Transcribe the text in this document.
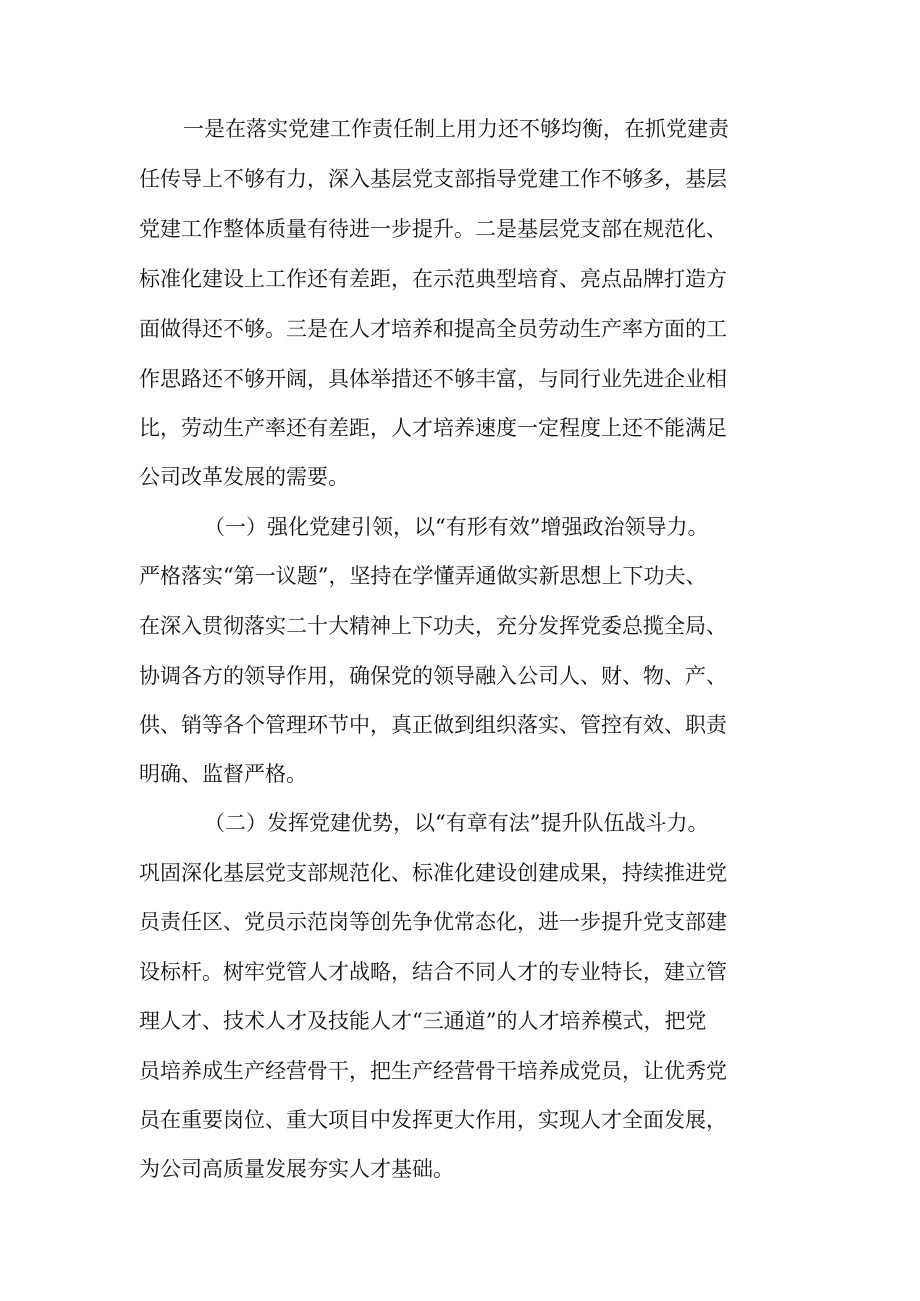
一是在落实党建工作责任制上用力还不够均衡，在抓党建责

任传导上不够有力，深入基层党支部指导党建工作不够多，基层

党建工作整体质量有待进一步提升。二是基层党支部在规范化、

标准化建设上工作还有差距，在示范典型培育、亮点品牌打造方

面做得还不够。三是在人才培养和提高全员劳动生产率方面的工

作思路还不够开阔，具体举措还不够丰富，与同行业先进企业相

比，劳动生产率还有差距，人才培养速度一定程度上还不能满足

公司改革发展的需要。

（一）强化党建引领，以“有形有效”增强政治领导力。

严格落实“第一议题”，坚持在学懂弄通做实新思想上下功夫、

在深入贯彻落实二十大精神上下功夫，充分发挥党委总揽全局、

协调各方的领导作用，确保党的领导融入公司人、财、物、产、

供、销等各个管理环节中，真正做到组织落实、管控有效、职责

明确、监督严格。

（二）发挥党建优势，以“有章有法”提升队伍战斗力。

巩固深化基层党支部规范化、标准化建设创建成果，持续推进党

员责任区、党员示范岗等创先争优常态化，进一步提升党支部建

设标杆。树牢党管人才战略，结合不同人才的专业特长，建立管

理人才、技术人才及技能人才“三通道”的人才培养模式，把党

员培养成生产经营骨干，把生产经营骨干培养成党员，让优秀党

员在重要岗位、重大项目中发挥更大作用，实现人才全面发展，

为公司高质量发展夯实人才基础。
